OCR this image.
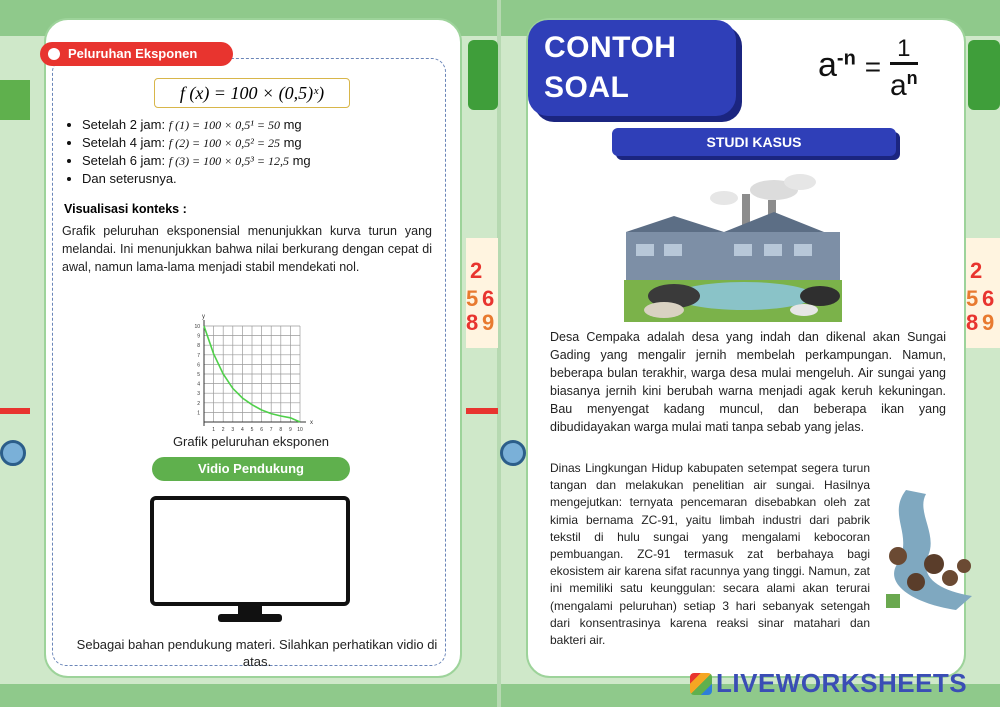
2
5 6
8 9
2
5 6
8 9
Peluruhan Eksponen
f (x) = 100 × (0,5)ˣ)
• Setelah 2 jam: f (1) = 100 × 0,5¹ = 50 mg
• Setelah 4 jam: f (2) = 100 × 0,5² = 25 mg
• Setelah 6 jam: f (3) = 100 × 0,5³ = 12,5 mg
• Dan seterusnya.
Visualisasi konteks :
Grafik peluruhan eksponensial menunjukkan kurva turun yang melandai. Ini menunjukkan bahwa nilai berkurang dengan cepat di awal, namun lama-lama menjadi stabil mendekati nol.
1 2 3 4 5 6 7 8 9 10
1
2
3
4
5
6
7
8
9
10
x
y
Grafik peluruhan eksponen
Vidio Pendukung
Sebagai bahan pendukung materi. Silahkan perhatikan vidio di atas.
CONTOH
SOAL
$a^{-n}$ =
1
$a^n$
STUDI KASUS
Desa Cempaka adalah desa yang indah dan dikenal akan Sungai Gading yang mengalir jernih membelah perkampungan. Namun, beberapa bulan terakhir, warga desa mulai mengeluh. Air sungai yang biasanya jernih kini berubah warna menjadi agak keruh kekuningan. Bau menyengat kadang muncul, dan beberapa ikan yang dibudidayakan warga mulai mati tanpa sebab yang jelas.
Dinas Lingkungan Hidup kabupaten setempat segera turun tangan dan melakukan penelitian air sungai. Hasilnya mengejutkan: ternyata pencemaran disebabkan oleh zat kimia bernama ZC-91, yaitu limbah industri dari pabrik tekstil di hulu sungai yang mengalami kebocoran pembuangan. ZC-91 termasuk zat berbahaya bagi ekosistem air karena sifat racunnya yang tinggi. Namun, zat ini memiliki satu keunggulan: secara alami akan terurai (mengalami peluruhan) setiap 3 hari sebanyak setengah dari konsentrasinya karena reaksi sinar matahari dan bakteri air.
LIVEWORKSHEETS
